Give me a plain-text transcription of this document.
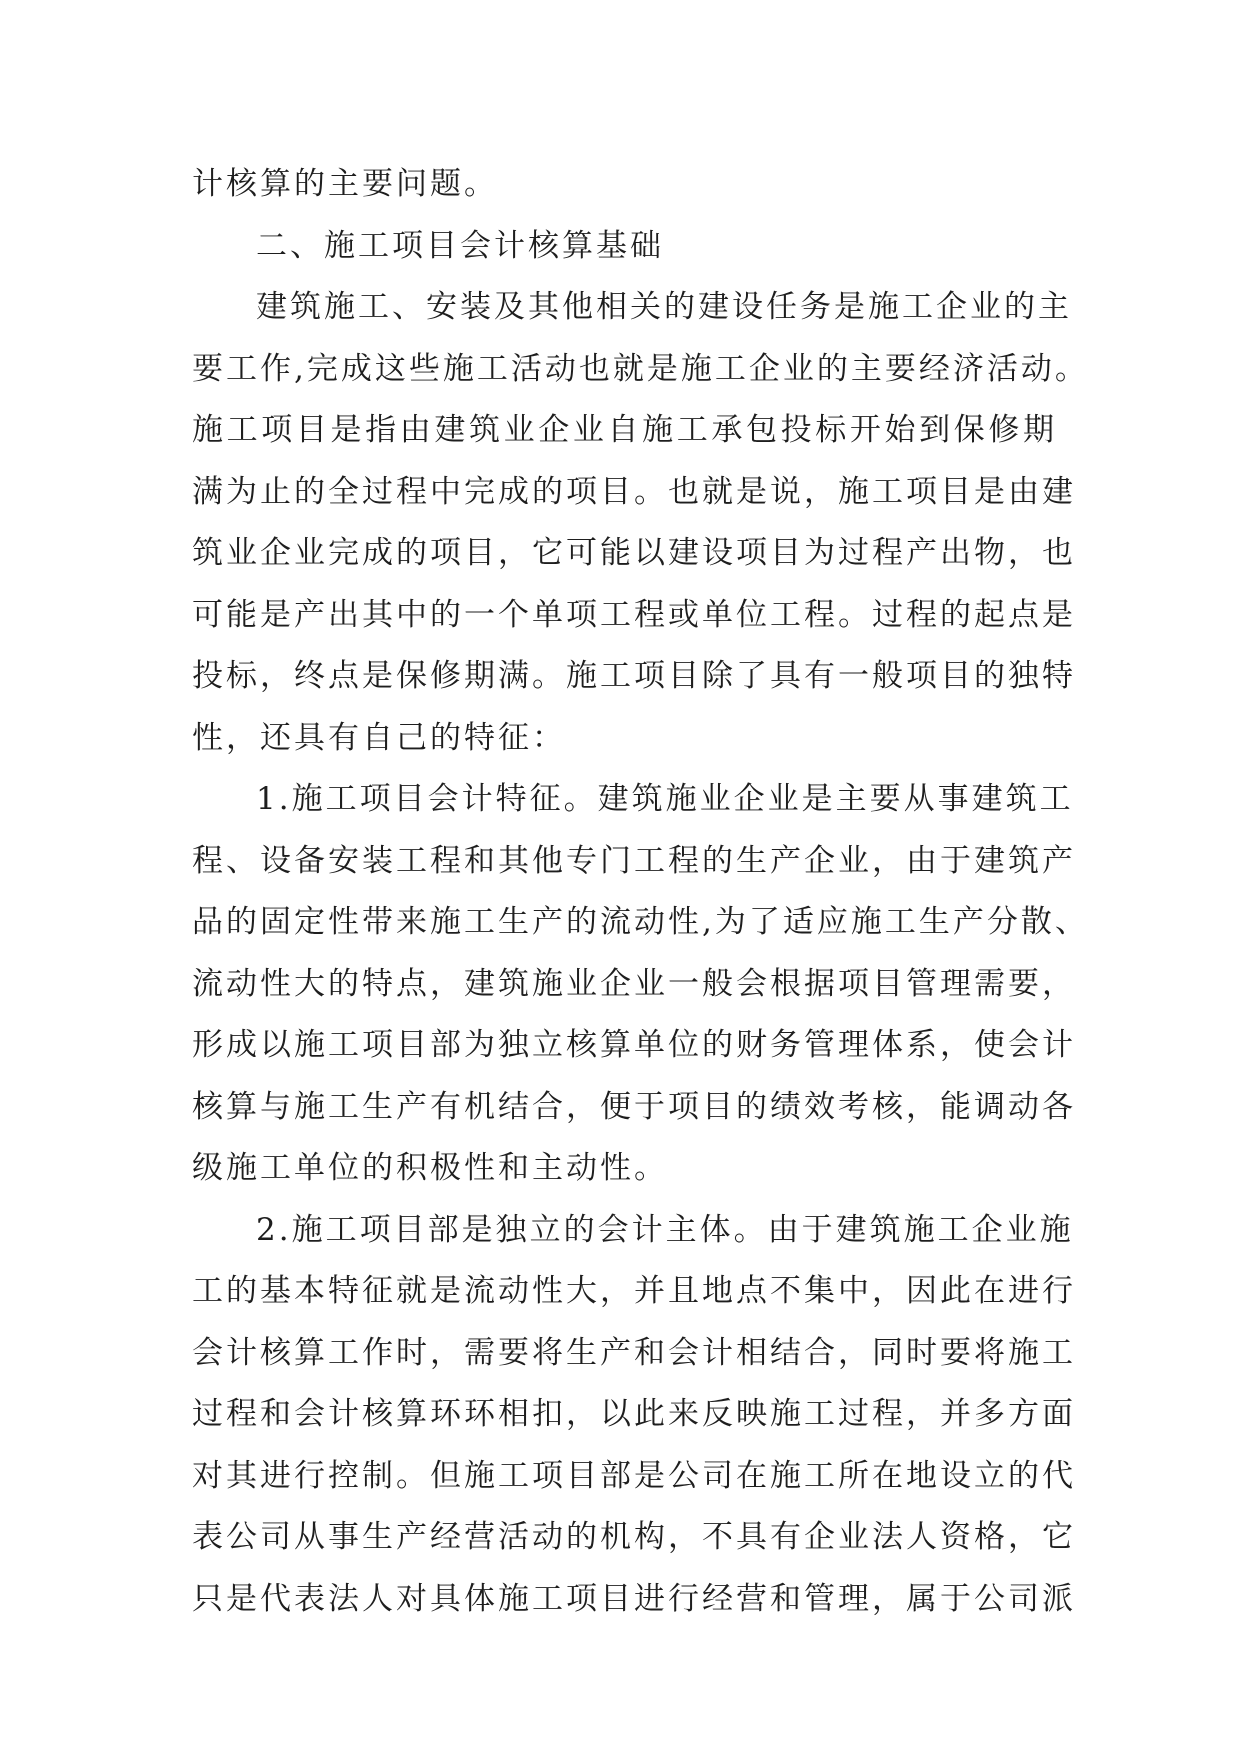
计核算的主要问题。
二、施工项目会计核算基础
建筑施工、安装及其他相关的建设任务是施工企业的主
要工作,完成这些施工活动也就是施工企业的主要经济活动。
施工项目是指由建筑业企业自施工承包投标开始到保修期
满为止的全过程中完成的项目。也就是说，施工项目是由建
筑业企业完成的项目，它可能以建设项目为过程产出物，也
可能是产出其中的一个单项工程或单位工程。过程的起点是
投标，终点是保修期满。施工项目除了具有一般项目的独特
性，还具有自己的特征：
1.施工项目会计特征。建筑施业企业是主要从事建筑工
程、设备安装工程和其他专门工程的生产企业，由于建筑产
品的固定性带来施工生产的流动性,为了适应施工生产分散、
流动性大的特点，建筑施业企业一般会根据项目管理需要，
形成以施工项目部为独立核算单位的财务管理体系，使会计
核算与施工生产有机结合，便于项目的绩效考核，能调动各
级施工单位的积极性和主动性。
2.施工项目部是独立的会计主体。由于建筑施工企业施
工的基本特征就是流动性大，并且地点不集中，因此在进行
会计核算工作时，需要将生产和会计相结合，同时要将施工
过程和会计核算环环相扣，以此来反映施工过程，并多方面
对其进行控制。但施工项目部是公司在施工所在地设立的代
表公司从事生产经营活动的机构，不具有企业法人资格，它
只是代表法人对具体施工项目进行经营和管理，属于公司派
